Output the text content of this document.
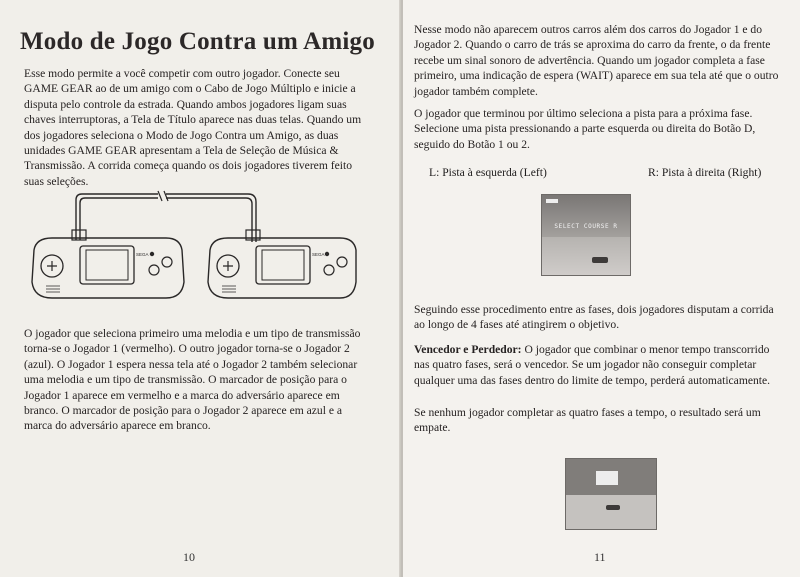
Modo de Jogo Contra um Amigo
Esse modo permite a você competir com outro jogador. Conecte seu GAME GEAR ao de um amigo com o Cabo de Jogo Múltiplo e inicie a disputa pelo controle da estrada. Quando ambos jogadores ligam suas chaves interruptoras, a Tela de Título aparece nas duas telas. Quando um dos jogadores seleciona o Modo de Jogo Contra um Amigo, as duas unidades GAME GEAR apresentam a Tela de Seleção de Música & Transmissão. A corrida começa quando os dois jogadores tiverem feito suas seleções.
SEGA	SEGA
O jogador que seleciona primeiro uma melodia e um tipo de transmissão torna-se o Jogador 1 (vermelho). O outro jogador torna-se o Jogador 2 (azul). O Jogador 1 espera nessa tela até o Jogador 2 também selecionar uma melodia e um tipo de transmissão. O marcador de posição para o Jogador 1 aparece em vermelho e a marca do adversário aparece em branco. O marcador de posição para o Jogador 2 aparece em azul e a marca do adversário aparece em branco.
10
Nesse modo não aparecem outros carros além dos carros do Jogador 1 e do Jogador 2. Quando o carro de trás se aproxima do carro da frente, o da frente recebe um sinal sonoro de advertência. Quando um jogador completa a fase primeiro, uma indicação de espera (WAIT) aparece em sua tela até que o outro jogador também complete.
O jogador que terminou por último seleciona a pista para a próxima fase. Selecione uma pista pressionando a parte esquerda ou direita do Botão D, seguido do Botão 1 ou 2.
L: Pista à esquerda (Left)	R: Pista à direita (Right)
SELECT COURSE R
Seguindo esse procedimento entre as fases, dois jogadores disputam a corrida ao longo de 4 fases até atingirem o objetivo.
Vencedor e Perdedor: O jogador que combinar o menor tempo transcorrido nas quatro fases, será o vencedor. Se um jogador não conseguir completar qualquer uma das fases dentro do limite de tempo, perderá automaticamente.
Se nenhum jogador completar as quatro fases a tempo, o resultado será um empate.
11
